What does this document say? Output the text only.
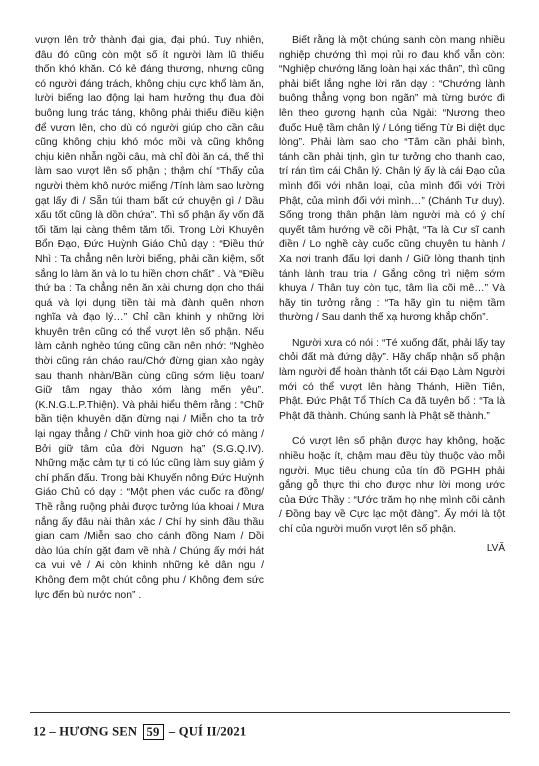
vượn lên trở thành đại gia, đại phú. Tuy nhiên, đâu đó cũng còn một số ít người làm lũ thiếu thốn khó khăn. Có kẻ đáng thương, nhưng cũng có người đáng trách, không chịu cực khổ làm ăn, lười biếng lao động lại ham hưởng thụ đua đòi buông lung trác táng, không phải thiếu điều kiện để vươn lên, cho dù có người giúp cho cần câu cũng không chịu khó móc mồi và cũng không chịu kiên nhẫn ngồi câu, mà chỉ đòi ăn cá, thế thì làm sao vượt lên số phận ; thậm chí “Thấy của người thèm khô nước miếng /Tính làm sao lường gạt lấy đi / Sẵn túi tham bất cứ chuyện gì / Dầu xấu tốt cũng là dồn chứa”. Thì số phận ấy vốn đã tối tăm lại càng thêm tăm tối. Trong Lời Khuyên Bổn Đạo, Đức Huỳnh Giáo Chủ dạy : “Điều thứ Nhì : Ta chẳng nên lười biếng, phải cần kiệm, sốt sắng lo làm ăn và lo tu hiền chơn chất” . Và “Điều thứ ba : Ta chẳng nên ăn xài chưng dọn cho thái quá và lợi dụng tiền tài mà đành quên nhơn nghĩa và đạo lý…” Chỉ cần khinh y những lời khuyên trên cũng có thể vượt lên số phận. Nếu làm cảnh nghèo túng cũng cần nên nhớ: “Nghèo thời cũng rán cháo rau/Chớ đừng gian xảo ngày sau thanh nhàn/Bần cùng cũng sớm liệu toan/ Giữ tâm ngay thảo xóm làng mến yêu”. (K.N.G.L.P.Thiện). Và phải hiểu thêm rằng : “Chữ bần tiện khuyên dặn đừng nại / Miễn cho ta trở lại ngay thẳng / Chữ vinh hoa giờ chớ có màng / Bởi giữ tâm của đời Nguơn hạ” (S.G.Q.IV). Những mặc cảm tự ti có lúc cũng làm suy giảm ý chí phấn đấu. Trong bài Khuyến nông Đức Huỳnh Giáo Chủ có dạy : “Một phen vác cuốc ra đồng/ Thề rằng ruộng phải được tưởng lúa khoai / Mưa nắng ấy đâu nài thân xác / Chí hy sinh đầu thầu gian cam /Miễn sao cho cánh đồng Nam / Dồi dào lúa chín gặt đam về nhà / Chúng ấy mới hát ca vui vẻ / Ai còn khinh những kẻ dân ngu / Không đem một chút công phu / Không đem sức lực đến bù nước non” .

Biết rằng là một chúng sanh còn mang nhiều nghiệp chướng thì mọi rủi ro đau khổ vẫn còn: “Nghiệp chướng lăng loàn hại xác thân”, thì cũng phải biết lắng nghe lời răn dạy : “Chướng lành buông thẳng vọng bon ngãn” mà từng bước đi lên theo gương hạnh của Ngài: “Nương theo đuốc Huệ tầm chân lý / Lóng tiếng Từ Bi diệt dục lòng”. Phải làm sao cho “Tâm cần phải bình, tánh cần phải tịnh, gìn tư tưởng cho thanh cao, trí rán tìm cái Chân lý. Chân lý ấy là cái Đạo của mình đối với nhân loại, của mình đối với Trời Phật, của mình đối với mình…” (Chánh Tư duy). Sống trong thân phận làm người mà có ý chí quyết tâm hướng về cõi Phật, “Ta là Cư sĩ canh điền / Lo nghề cày cuốc cũng chuyên tu hành / Xa nơi tranh đấu lợi danh / Giữ lòng thanh tịnh tánh lành trau tria / Gắng công trì niệm sớm khuya / Thân tuy còn tục, tâm lìa cõi mê…” Và hãy tin tưởng rằng : “Ta hãy gìn tu niệm tầm thường / Sau danh thế xạ hương khắp chốn”.

Người xưa có nói : “Té xuống đất, phải lấy tay chỏi đất mà đứng dậy”. Hãy chấp nhận số phận làm người để hoàn thành tốt cái Đạo Làm Người mới có thể vượt lên hàng Thánh, Hiền Tiên, Phật. Đức Phật Tổ Thích Ca đã tuyên bố : “Ta là Phật đã thành. Chúng sanh là Phật sẽ thành.”

Có vượt lên số phận được hay không, hoặc nhiều hoặc ít, chậm mau đều tùy thuộc vào mỗi người. Mục tiêu chung của tín đồ PGHH phải gắng gỗ thực thi cho được như lời mong ước của Đức Thầy : “Ước trăm họ nhẹ mình cõi cảnh / Đồng bay về Cực lạc một đàng”. Ấy mới là tột chí của người muốn vượt lên số phận.

LVĂ
12 – HƯƠNG SEN 59 – QUÍ II/2021
